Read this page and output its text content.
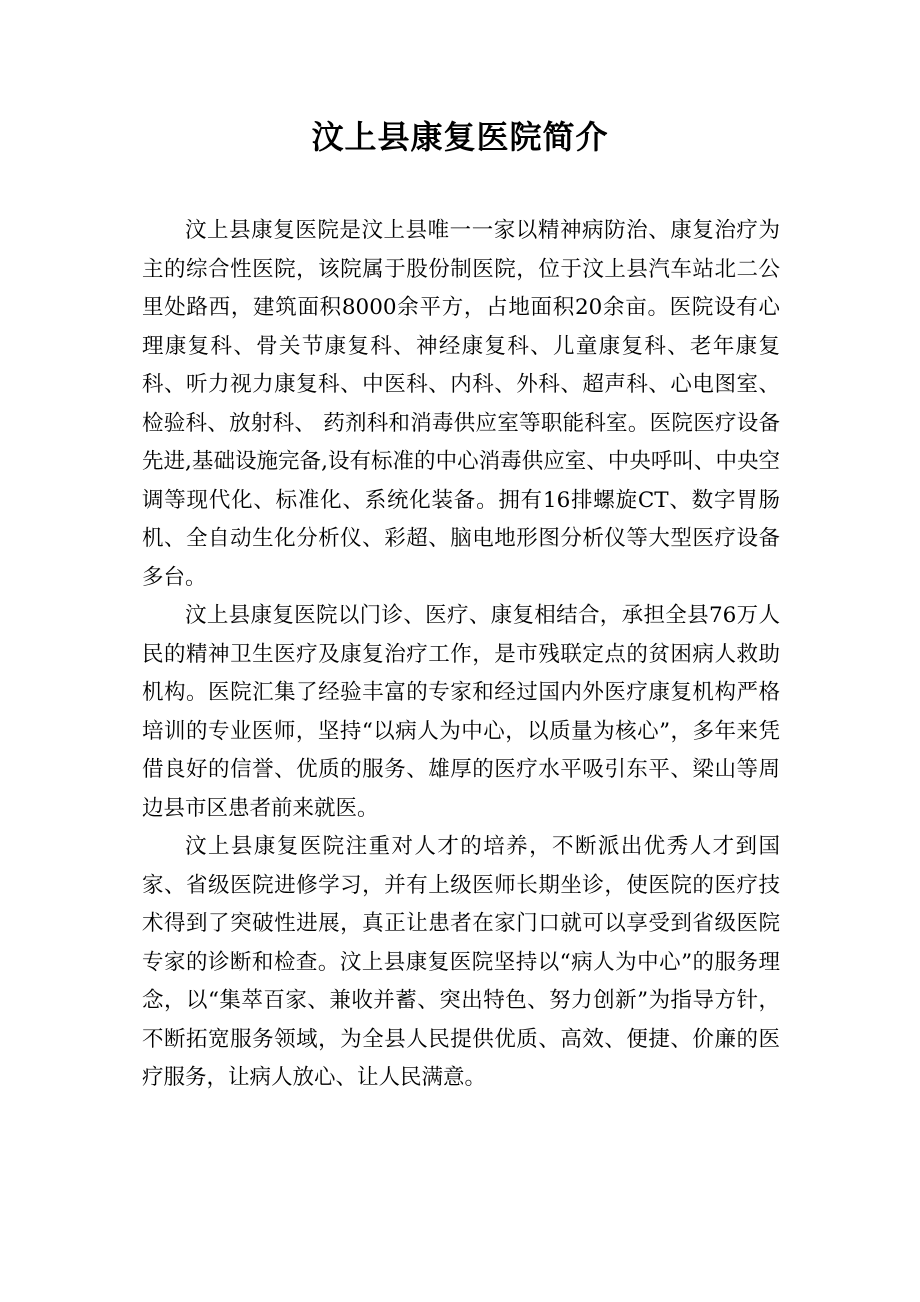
汶上县康复医院简介

汶上县康复医院是汶上县唯一一家以精神病防治、康复治疗为主的综合性医院，该院属于股份制医院，位于汶上县汽车站北二公里处路西，建筑面积8000余平方，占地面积20余亩。医院设有心理康复科、骨关节康复科、神经康复科、儿童康复科、老年康复科、听力视力康复科、中医科、内科、外科、超声科、心电图室、检验科、放射科、 药剂科和消毒供应室等职能科室。医院医疗设备先进,基础设施完备,设有标准的中心消毒供应室、中央呼叫、中央空调等现代化、标准化、系统化装备。拥有16排螺旋CT、数字胃肠机、全自动生化分析仪、彩超、脑电地形图分析仪等大型医疗设备多台。

汶上县康复医院以门诊、医疗、康复相结合，承担全县76万人民的精神卫生医疗及康复治疗工作，是市残联定点的贫困病人救助机构。医院汇集了经验丰富的专家和经过国内外医疗康复机构严格培训的专业医师，坚持“以病人为中心，以质量为核心”，多年来凭借良好的信誉、优质的服务、雄厚的医疗水平吸引东平、梁山等周边县市区患者前来就医。

汶上县康复医院注重对人才的培养，不断派出优秀人才到国家、省级医院进修学习，并有上级医师长期坐诊，使医院的医疗技术得到了突破性进展，真正让患者在家门口就可以享受到省级医院专家的诊断和检查。汶上县康复医院坚持以“病人为中心”的服务理念，以“集萃百家、兼收并蓄、突出特色、努力创新”为指导方针，不断拓宽服务领域，为全县人民提供优质、高效、便捷、价廉的医疗服务，让病人放心、让人民满意。
